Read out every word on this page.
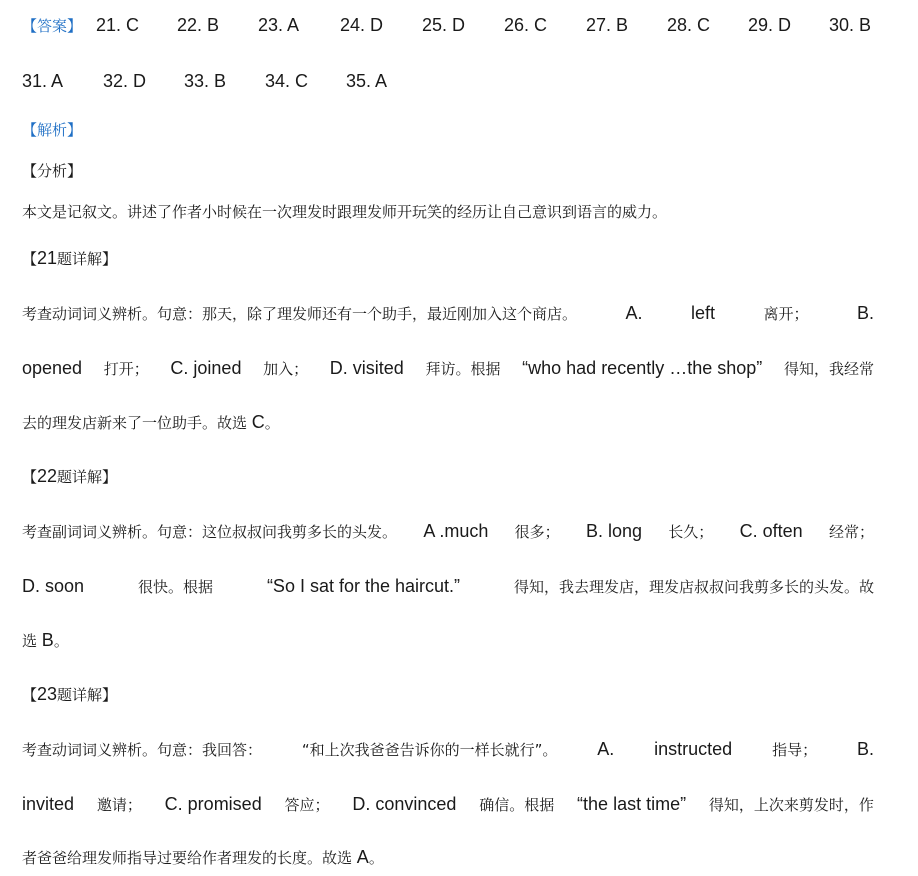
【答案】 21. C 22. B 23. A 24. D 25. D 26. C 27. B 28. C 29. D 30. B
31. A 32. D 33. B 34. C 35. A
【解析】
【分析】
本文是记叙文。讲述了作者小时候在一次理发时跟理发师开玩笑的经历让自己意识到语言的威力。
【21题详解】
考查动词词义辨析。句意：那天，除了理发师还有一个助手，最近刚加入这个商店。	A.	left	离开；	B.
opened 打开； C. joined 加入； D. visited 拜访。根据 “who had recently …the shop” 得知，我经常
去的理发店新来了一位助手。故选 C。
【22题详解】
考查副词词义辨析。句意：这位叔叔问我剪多长的头发。 A .much 很多； B. long 长久； C. often 经常；
D. soon	很快。根据	“So I sat for the haircut.”	得知，我去理发店，理发店叔叔问我剪多长的头发。故
选 B。
【23题详解】
考查动词词义辨析。句意：我回答：	“和上次我爸爸告诉你的一样长就行”。 A. instructed	指导； B.
invited 邀请； C. promised 答应； D. convinced 确信。根据 “the last time” 得知，上次来剪发时，作
者爸爸给理发师指导过要给作者理发的长度。故选 A。
